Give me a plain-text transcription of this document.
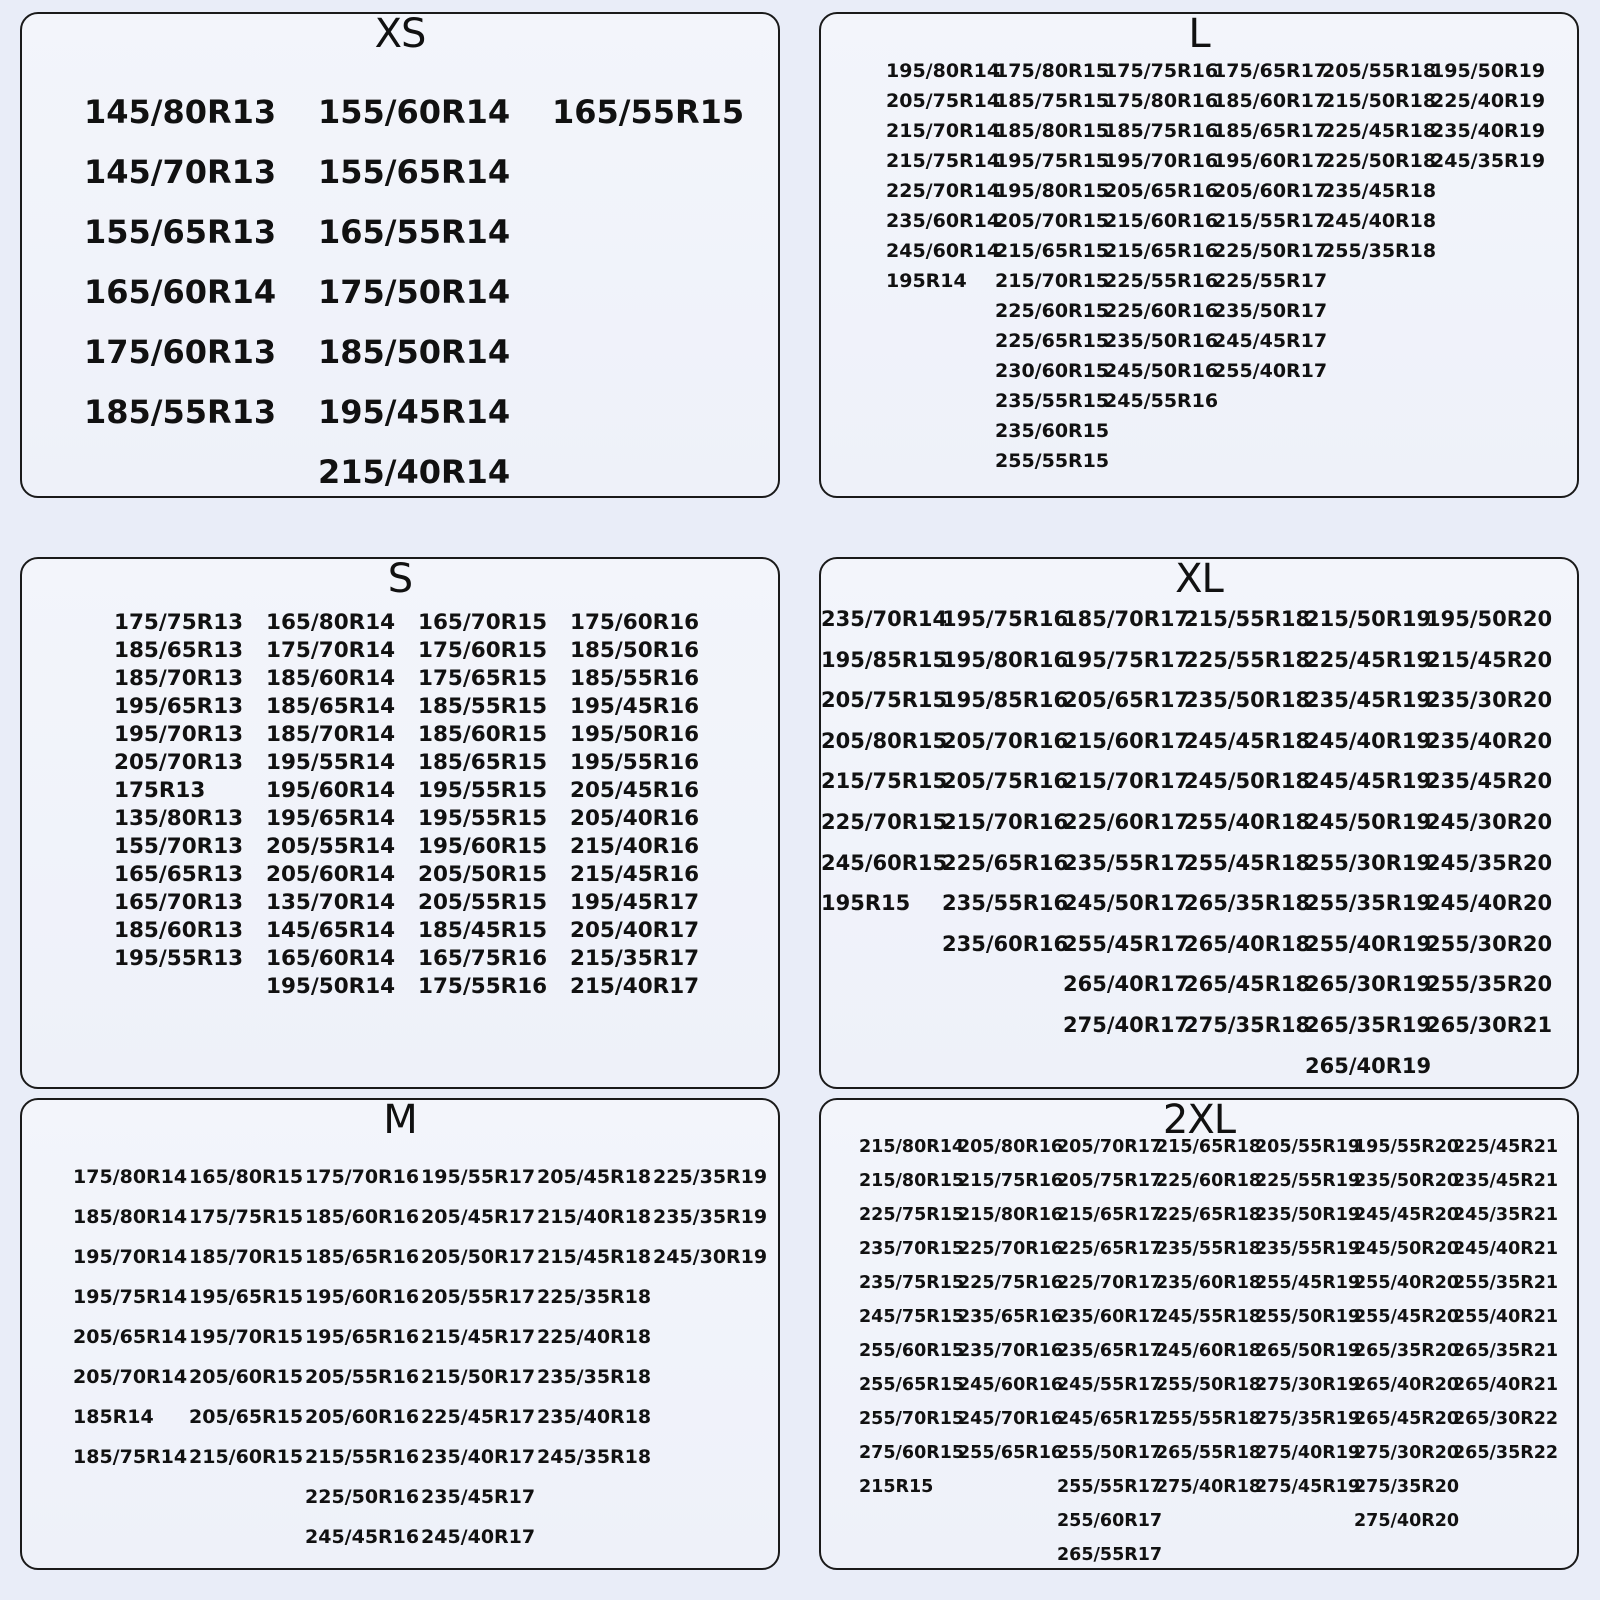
XS
145/80R13
145/70R13
155/65R13
165/60R14
175/60R13
185/55R13
155/60R14
155/65R14
165/55R14
175/50R14
185/50R14
195/45R14
215/40R14
165/55R15
L
195/80R14
205/75R14
215/70R14
215/75R14
225/70R14
235/60R14
245/60R14
195R14
175/80R15
185/75R15
185/80R15
195/75R15
195/80R15
205/70R15
215/65R15
215/70R15
225/60R15
225/65R15
230/60R15
235/55R15
235/60R15
255/55R15
175/75R16
175/80R16
185/75R16
195/70R16
205/65R16
215/60R16
215/65R16
225/55R16
225/60R16
235/50R16
245/50R16
245/55R16
175/65R17
185/60R17
185/65R17
195/60R17
205/60R17
215/55R17
225/50R17
225/55R17
235/50R17
245/45R17
255/40R17
205/55R18
215/50R18
225/45R18
225/50R18
235/45R18
245/40R18
255/35R18
195/50R19
225/40R19
235/40R19
245/35R19
S
175/75R13
185/65R13
185/70R13
195/65R13
195/70R13
205/70R13
175R13
135/80R13
155/70R13
165/65R13
165/70R13
185/60R13
195/55R13
165/80R14
175/70R14
185/60R14
185/65R14
185/70R14
195/55R14
195/60R14
195/65R14
205/55R14
205/60R14
135/70R14
145/65R14
165/60R14
195/50R14
165/70R15
175/60R15
175/65R15
185/55R15
185/60R15
185/65R15
195/55R15
195/55R15
195/60R15
205/50R15
205/55R15
185/45R15
165/75R16
175/55R16
175/60R16
185/50R16
185/55R16
195/45R16
195/50R16
195/55R16
205/45R16
205/40R16
215/40R16
215/45R16
195/45R17
205/40R17
215/35R17
215/40R17
XL
235/70R14
195/85R15
205/75R15
205/80R15
215/75R15
225/70R15
245/60R15
195R15
195/75R16
195/80R16
195/85R16
205/70R16
205/75R16
215/70R16
225/65R16
235/55R16
235/60R16
185/70R17
195/75R17
205/65R17
215/60R17
215/70R17
225/60R17
235/55R17
245/50R17
255/45R17
265/40R17
275/40R17
215/55R18
225/55R18
235/50R18
245/45R18
245/50R18
255/40R18
255/45R18
265/35R18
265/40R18
265/45R18
275/35R18
215/50R19
225/45R19
235/45R19
245/40R19
245/45R19
245/50R19
255/30R19
255/35R19
255/40R19
265/30R19
265/35R19
265/40R19
195/50R20
215/45R20
235/30R20
235/40R20
235/45R20
245/30R20
245/35R20
245/40R20
255/30R20
255/35R20
265/30R21
M
175/80R14
185/80R14
195/70R14
195/75R14
205/65R14
205/70R14
185R14
185/75R14
165/80R15
175/75R15
185/70R15
195/65R15
195/70R15
205/60R15
205/65R15
215/60R15
175/70R16
185/60R16
185/65R16
195/60R16
195/65R16
205/55R16
205/60R16
215/55R16
225/50R16
245/45R16
195/55R17
205/45R17
205/50R17
205/55R17
215/45R17
215/50R17
225/45R17
235/40R17
235/45R17
245/40R17
205/45R18
215/40R18
215/45R18
225/35R18
225/40R18
235/35R18
235/40R18
245/35R18
225/35R19
235/35R19
245/30R19
2XL
215/80R14
215/80R15
225/75R15
235/70R15
235/75R15
245/75R15
255/60R15
255/65R15
255/70R15
275/60R15
215R15
205/80R16
215/75R16
215/80R16
225/70R16
225/75R16
235/65R16
235/70R16
245/60R16
245/70R16
255/65R16
205/70R17
205/75R17
215/65R17
225/65R17
225/70R17
235/60R17
235/65R17
245/55R17
245/65R17
255/50R17
255/55R17
255/60R17
265/55R17
215/65R18
225/60R18
225/65R18
235/55R18
235/60R18
245/55R18
245/60R18
255/50R18
255/55R18
265/55R18
275/40R18
205/55R19
225/55R19
235/50R19
235/55R19
255/45R19
255/50R19
265/50R19
275/30R19
275/35R19
275/40R19
275/45R19
195/55R20
235/50R20
245/45R20
245/50R20
255/40R20
255/45R20
265/35R20
265/40R20
265/45R20
275/30R20
275/35R20
275/40R20
225/45R21
235/45R21
245/35R21
245/40R21
255/35R21
255/40R21
265/35R21
265/40R21
265/30R22
265/35R22
